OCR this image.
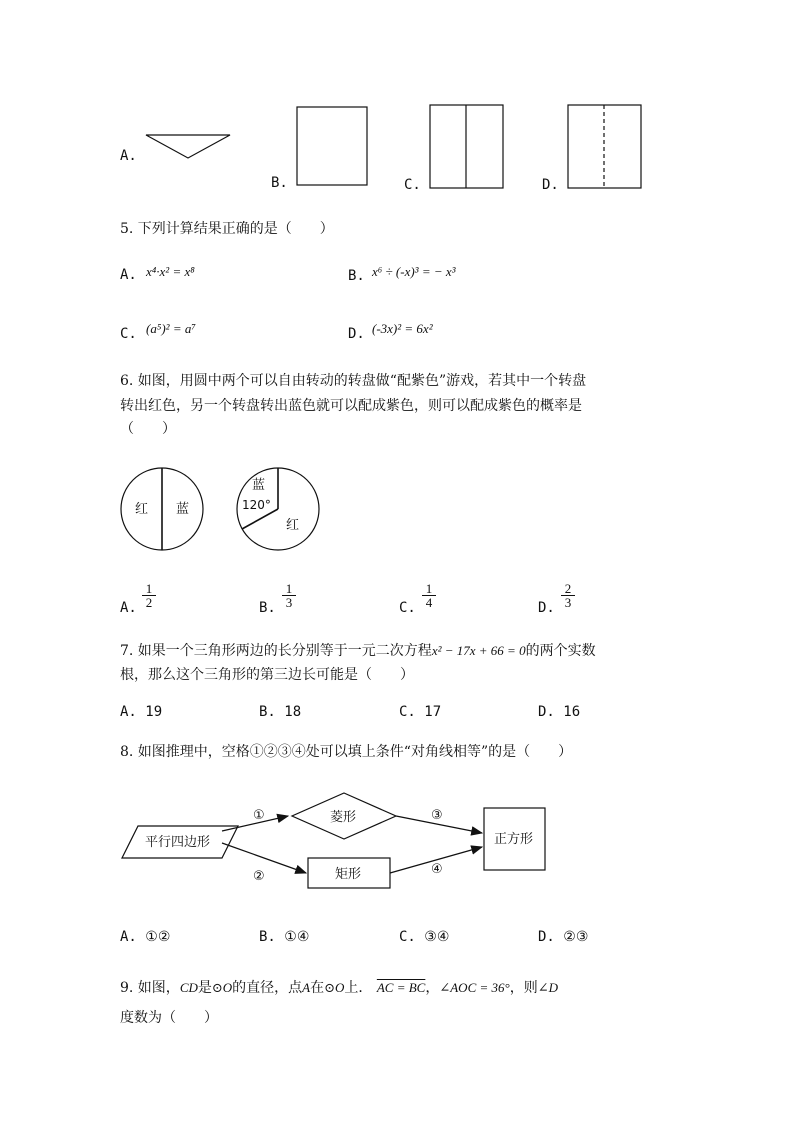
A.
B.	C.	D.
5. 下列计算结果正确的是（　　）
A. x⁴·x² = x⁸	B. x⁶ ÷ (-x)³ = − x³
C. (a⁵)² = a⁷	D. (-3x)² = 6x²
6. 如图，用圆中两个可以自由转动的转盘做“配紫色”游戏，若其中一个转盘
转出红色，另一个转盘转出蓝色就可以配成紫色，则可以配成紫色的概率是
（　　）
红 蓝
蓝
120°
红
A. $\frac{1}{2}$	B. $\frac{1}{3}$	C. $\frac{1}{4}$	D. $\frac{2}{3}$
7. 如果一个三角形两边的长分别等于一元二次方程x² − 17x + 66 = 0的两个实数
根，那么这个三角形的第三边长可能是（　　）
A. 19	B. 18	C. 17	D. 16
8. 如图推理中，空格①②③④处可以填上条件“对角线相等”的是（　　）
平行四边形
菱形
矩形
正方形
①
②
③
④
A. ①②	B. ①④	C. ③④	D. ②③
9. 如图，CD是⊙O的直径，点A在⊙O上． AC = BC，∠AOC = 36°，则∠D
度数为（　　）
